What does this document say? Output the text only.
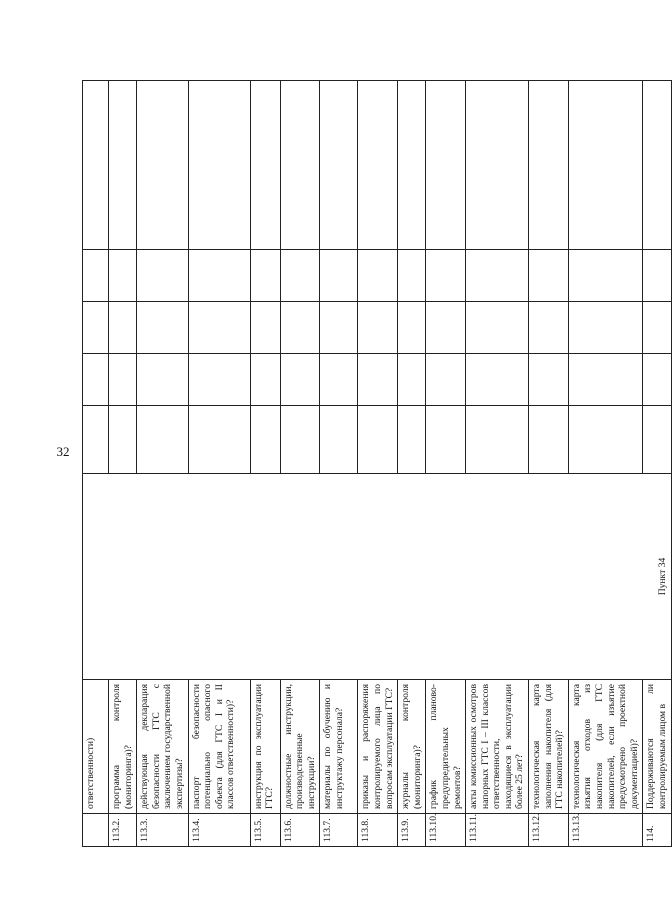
32
	ответственности)	Пункт 34					

113.2.	программа контроля (мониторинга)?						
113.3.	действующая декларация безопасности ГТС с заключением государственной экспертизы?						
113.4.	паспорт безопасности потенциально опасного объекта (для ГТС I и II классов ответственности)?						
113.5.	инструкция по эксплуатации ГТС?						
113.6.	должностные инструкции, производственные инструкции?						
113.7.	материалы по обучению и инструктажу персонала?						
113.8.	приказы и распоряжения контролируемого лица по вопросам эксплуатации ГТС?						
113.9.	журналы контроля (мониторинга)?						
113.10.	график планово-предупредительных ремонтов?						
113.11.	акты комиссионных осмотров напорных ГТС I – III классов ответственности, находящиеся в эксплуатации более 25 лет?						
113.12.	технологическая карта заполнения накопителя (для ГТС накопителей)?						
113.13.	технологическая карта изъятия отходов из накопителя (для ГТС накопителей, если изъятие предусмотрено проектной документацией)?						
114.	Поддерживаются ли контролируемым лицом в						
